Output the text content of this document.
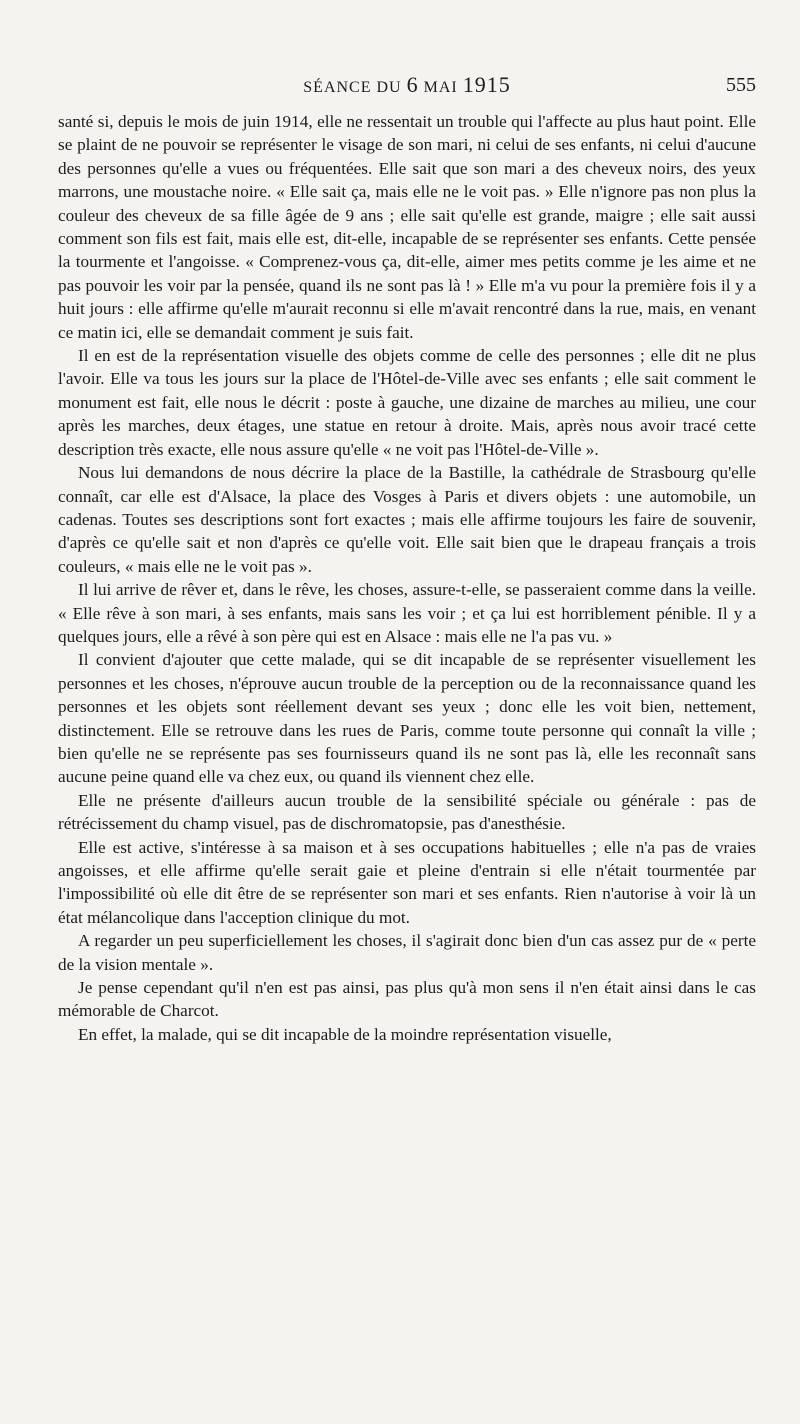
SÉANCE DU 6 MAI 1915	555

santé si, depuis le mois de juin 1914, elle ne ressentait un trouble qui l'affecte au plus haut point. Elle se plaint de ne pouvoir se représenter le visage de son mari, ni celui de ses enfants, ni celui d'aucune des personnes qu'elle a vues ou fréquentées. Elle sait que son mari a des cheveux noirs, des yeux marrons, une moustache noire. « Elle sait ça, mais elle ne le voit pas. » Elle n'ignore pas non plus la couleur des cheveux de sa fille âgée de 9 ans ; elle sait qu'elle est grande, maigre ; elle sait aussi comment son fils est fait, mais elle est, dit-elle, incapable de se représenter ses enfants. Cette pensée la tourmente et l'angoisse. « Comprenez-vous ça, dit-elle, aimer mes petits comme je les aime et ne pas pouvoir les voir par la pensée, quand ils ne sont pas là ! » Elle m'a vu pour la première fois il y a huit jours : elle affirme qu'elle m'aurait reconnu si elle m'avait rencontré dans la rue, mais, en venant ce matin ici, elle se demandait comment je suis fait.

Il en est de la représentation visuelle des objets comme de celle des personnes ; elle dit ne plus l'avoir. Elle va tous les jours sur la place de l'Hôtel-de-Ville avec ses enfants ; elle sait comment le monument est fait, elle nous le décrit : poste à gauche, une dizaine de marches au milieu, une cour après les marches, deux étages, une statue en retour à droite. Mais, après nous avoir tracé cette description très exacte, elle nous assure qu'elle « ne voit pas l'Hôtel-de-Ville ».

Nous lui demandons de nous décrire la place de la Bastille, la cathédrale de Strasbourg qu'elle connaît, car elle est d'Alsace, la place des Vosges à Paris et divers objets : une automobile, un cadenas. Toutes ses descriptions sont fort exactes ; mais elle affirme toujours les faire de souvenir, d'après ce qu'elle sait et non d'après ce qu'elle voit. Elle sait bien que le drapeau français a trois couleurs, « mais elle ne le voit pas ».

Il lui arrive de rêver et, dans le rêve, les choses, assure-t-elle, se passeraient comme dans la veille. « Elle rêve à son mari, à ses enfants, mais sans les voir ; et ça lui est horriblement pénible. Il y a quelques jours, elle a rêvé à son père qui est en Alsace : mais elle ne l'a pas vu. »

Il convient d'ajouter que cette malade, qui se dit incapable de se représenter visuellement les personnes et les choses, n'éprouve aucun trouble de la perception ou de la reconnaissance quand les personnes et les objets sont réellement devant ses yeux ; donc elle les voit bien, nettement, distinctement. Elle se retrouve dans les rues de Paris, comme toute personne qui connaît la ville ; bien qu'elle ne se représente pas ses fournisseurs quand ils ne sont pas là, elle les reconnaît sans aucune peine quand elle va chez eux, ou quand ils viennent chez elle.

Elle ne présente d'ailleurs aucun trouble de la sensibilité spéciale ou générale : pas de rétrécissement du champ visuel, pas de dischromatopsie, pas d'anesthésie.

Elle est active, s'intéresse à sa maison et à ses occupations habituelles ; elle n'a pas de vraies angoisses, et elle affirme qu'elle serait gaie et pleine d'entrain si elle n'était tourmentée par l'impossibilité où elle dit être de se représenter son mari et ses enfants. Rien n'autorise à voir là un état mélancolique dans l'acception clinique du mot.

A regarder un peu superficiellement les choses, il s'agirait donc bien d'un cas assez pur de « perte de la vision mentale ».

Je pense cependant qu'il n'en est pas ainsi, pas plus qu'à mon sens il n'en était ainsi dans le cas mémorable de Charcot.

En effet, la malade, qui se dit incapable de la moindre représentation visuelle,
